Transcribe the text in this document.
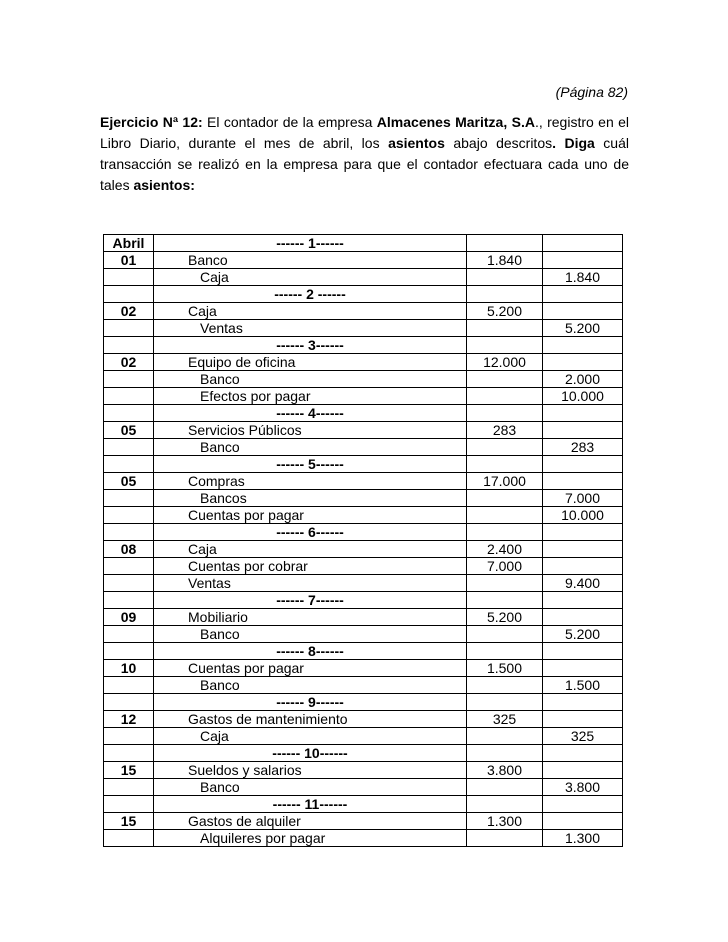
(Página 82)

Ejercicio Nª 12: El contador de la empresa Almacenes Maritza, S.A., registro en el Libro Diario, durante el mes de abril, los asientos abajo descritos. Diga cuál transacción se realizó en la empresa para que el contador efectuara cada uno de tales asientos:

Abril	------ 1------		
01	Banco	1.840	
	Caja		1.840
	------ 2 ------		
02	Caja	5.200	
	Ventas		5.200
	------ 3------		
02	Equipo de oficina	12.000	
	Banco		2.000
	Efectos por pagar		10.000
	------ 4------		
05	Servicios Públicos	283	
	Banco		283
	------ 5------		
05	Compras	17.000	
	Bancos		7.000
	Cuentas por pagar		10.000
	------ 6------		
08	Caja	2.400	
	Cuentas por cobrar	7.000	
	Ventas		9.400
	------ 7------		
09	Mobiliario	5.200	
	Banco		5.200
	------ 8------		
10	Cuentas por pagar	1.500	
	Banco		1.500
	------ 9------		
12	Gastos de mantenimiento	325	
	Caja		325
	------ 10------		
15	Sueldos y salarios	3.800	
	Banco		3.800
	------ 11------		
15	Gastos de alquiler	1.300	
	Alquileres por pagar		1.300
